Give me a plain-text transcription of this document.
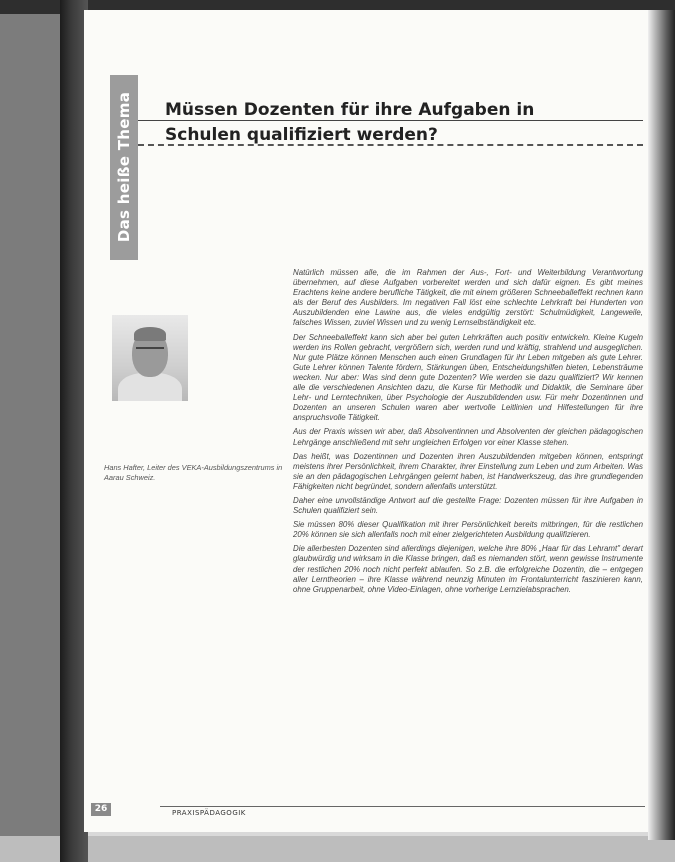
Das heiße Thema Müssen Dozenten für ihre Aufgaben in
Schulen qualifiziert werden?
Hans Hafter, Leiter des VEKA-Ausbildungszentrums in Aarau Schweiz.

Natürlich müssen alle, die im Rahmen der Aus-, Fort- und Weiterbildung Verantwortung übernehmen, auf diese Aufgaben vorbereitet werden und sich dafür eignen. Es gibt meines Erachtens keine andere berufliche Tätigkeit, die mit einem größeren Schneeballeffekt rechnen kann als der Beruf des Ausbilders. Im negativen Fall löst eine schlechte Lehrkraft bei Hunderten von Auszubildenden eine Lawine aus, die vieles endgültig zerstört: Schulmüdigkeit, Langeweile, falsches Wissen, zuviel Wissen und zu wenig Lernselbständigkeit etc.

Der Schneeballeffekt kann sich aber bei guten Lehrkräften auch positiv entwickeln. Kleine Kugeln werden ins Rollen gebracht, vergrößern sich, werden rund und kräftig, strahlend und ausgeglichen. Nur gute Plätze können Menschen auch einen Grundlagen für ihr Leben mitgeben als gute Lehrer. Gute Lehrer können Talente fördern, Stärkungen üben, Entscheidungshilfen bieten, Lebensträume wecken. Nur aber: Was sind denn gute Dozenten? Wie werden sie dazu qualifiziert? Wir kennen alle die verschiedenen Ansichten dazu, die Kurse für Methodik und Didaktik, die Seminare über Lehr- und Lerntechniken, über Psychologie der Auszubildenden usw. Für mehr Dozentinnen und Dozenten an unseren Schulen waren aber wertvolle Leitlinien und Hilfestellungen für ihre anspruchsvolle Tätigkeit.

Aus der Praxis wissen wir aber, daß Absolventinnen und Absolventen der gleichen pädagogischen Lehrgänge anschließend mit sehr ungleichen Erfolgen vor einer Klasse stehen.

Das heißt, was Dozentinnen und Dozenten ihren Auszubildenden mitgeben können, entspringt meistens ihrer Persönlichkeit, ihrem Charakter, ihrer Einstellung zum Leben und zum Arbeiten. Was sie an den pädagogischen Lehrgängen gelernt haben, ist Handwerkszeug, das ihre grundlegenden Fähigkeiten nicht begründet, sondern allenfalls unterstützt.

Daher eine unvollständige Antwort auf die gestellte Frage: Dozenten müssen für ihre Aufgaben in Schulen qualifiziert sein.

Sie müssen 80% dieser Qualifikation mit ihrer Persönlichkeit bereits mitbringen, für die restlichen 20% können sie sich allenfalls noch mit einer zielgerichteten Ausbildung qualifizieren.

Die allerbesten Dozenten sind allerdings diejenigen, welche ihre 80% „Haar für das Lehramt" derart glaubwürdig und wirksam in die Klasse bringen, daß es niemanden stört, wenn gewisse Instrumente der restlichen 20% noch nicht perfekt ablaufen. So z.B. die erfolgreiche Dozentin, die – entgegen aller Lerntheorien – ihre Klasse während neunzig Minuten im Frontalunterricht faszinieren kann, ohne Gruppenarbeit, ohne Video-Einlagen, ohne vorherige Lernzielabsprachen.

26	PRAXISPÄDAGOGIK
